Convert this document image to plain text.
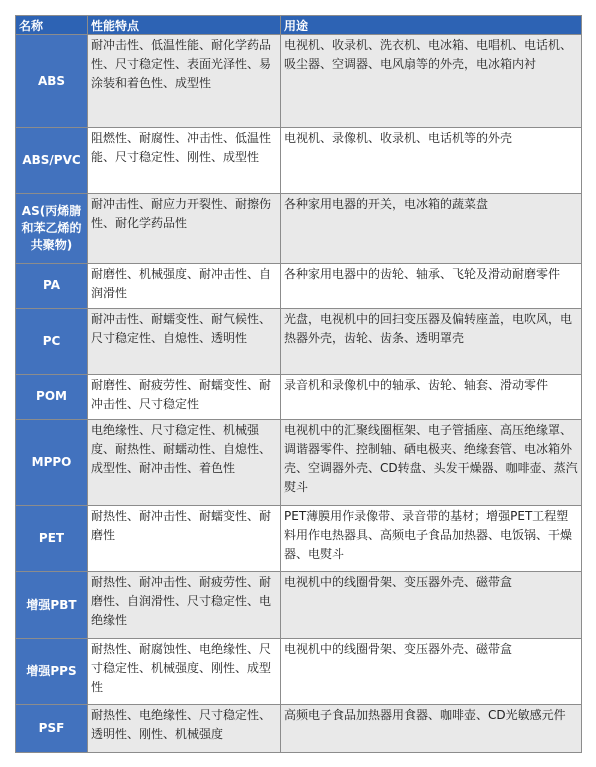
名称	性能特点	用途
ABS	耐冲击性、低温性能、耐化学药品性、尺寸稳定性、表面光泽性、易涂装和着色性、成型性	电视机、收录机、洗衣机、电冰箱、电唱机、电话机、吸尘器、空调器、电风扇等的外壳，电冰箱内衬
ABS/PVC	阻燃性、耐腐性、冲击性、低温性能、尺寸稳定性、刚性、成型性	电视机、录像机、收录机、电话机等的外壳
AS(丙烯腈和苯乙烯的共聚物)	耐冲击性、耐应力开裂性、耐擦伤性、耐化学药品性	各种家用电器的开关，电冰箱的蔬菜盘
PA	耐磨性、机械强度、耐冲击性、自润滑性	各种家用电器中的齿轮、轴承、飞轮及滑动耐磨零件
PC	耐冲击性、耐蠕变性、耐气候性、尺寸稳定性、自熄性、透明性	光盘，电视机中的回扫变压器及偏转座盖，电吹风，电热器外壳，齿轮、齿条、透明罩壳
POM	耐磨性、耐疲劳性、耐蠕变性、耐冲击性、尺寸稳定性	录音机和录像机中的轴承、齿轮、轴套、滑动零件
MPPO	电绝缘性、尺寸稳定性、机械强度、耐热性、耐蠕动性、自熄性、成型性、耐冲击性、着色性	电视机中的汇聚线圈框架、电子管插座、高压绝缘罩、调谐器零件、控制轴、硒电极夹、绝缘套管、电冰箱外壳、空调器外壳、CD转盘、头发干燥器、咖啡壶、蒸汽熨斗
PET	耐热性、耐冲击性、耐蠕变性、耐磨性	PET薄膜用作录像带、录音带的基材；增强PET工程塑料用作电热器具、高频电子食品加热器、电饭锅、干燥器、电熨斗
增强PBT	耐热性、耐冲击性、耐疲劳性、耐磨性、自润滑性、尺寸稳定性、电绝缘性	电视机中的线圈骨架、变压器外壳、磁带盒
增强PPS	耐热性、耐腐蚀性、电绝缘性、尺寸稳定性、机械强度、刚性、成型性	电视机中的线圈骨架、变压器外壳、磁带盒
PSF	耐热性、电绝缘性、尺寸稳定性、透明性、刚性、机械强度	高频电子食品加热器用食器、咖啡壶、CD光敏感元件
